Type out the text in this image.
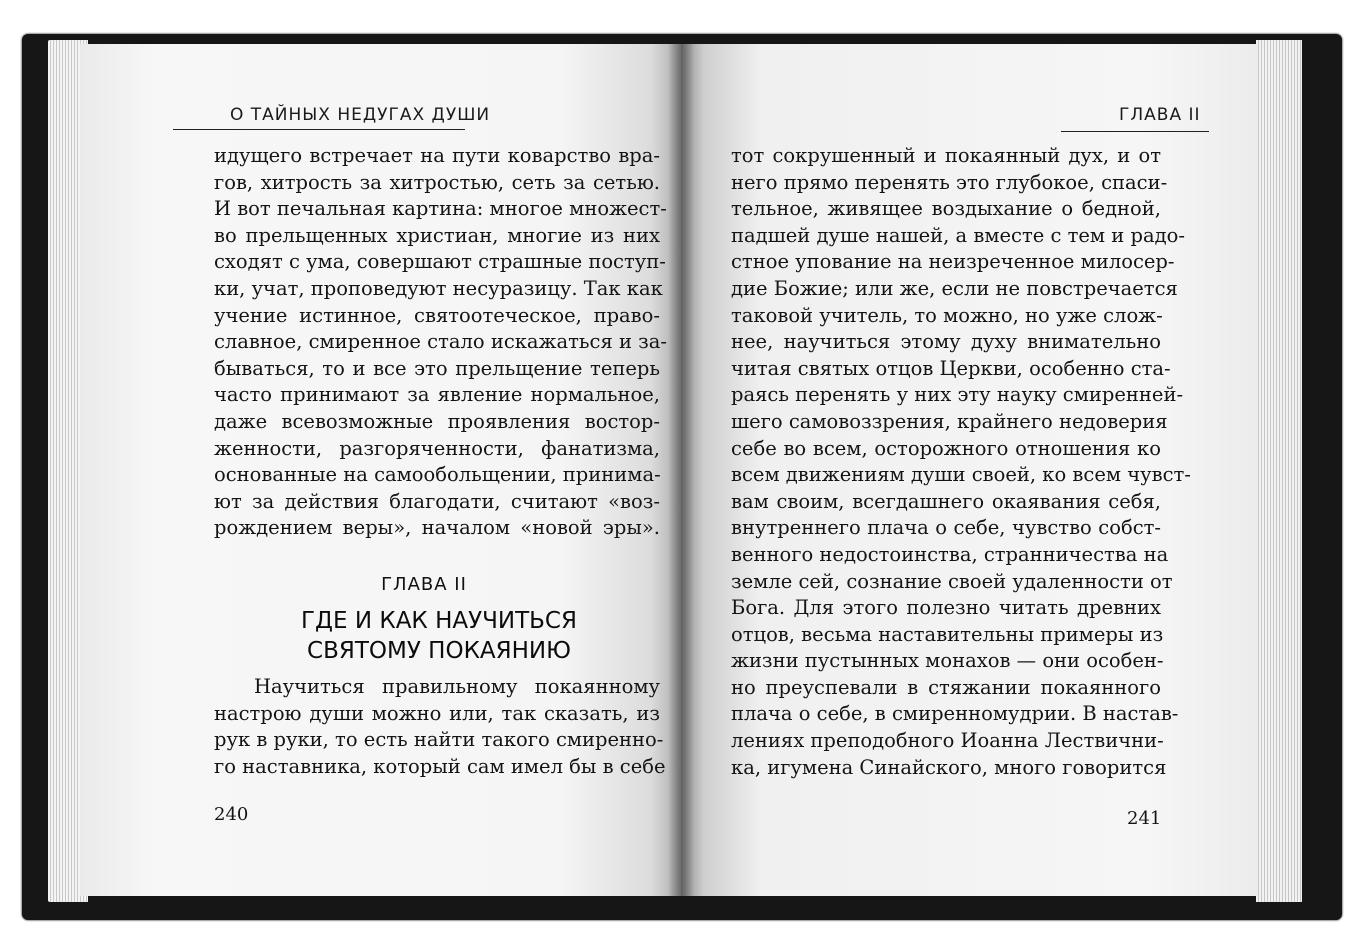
О ТАЙНЫХ НЕДУГАХ ДУШИ
идущего встречает на пути коварство вра-
гов, хитрость за хитростью, сеть за сетью.
И вот печальная картина: многое множест-
во прельщенных христиан, многие из них
сходят с ума, совершают страшные поступ-
ки, учат, проповедуют несуразицу. Так как
учение истинное, святоотеческое, право-
славное, смиренное стало искажаться и за-
бываться, то и все это прельщение теперь
часто принимают за явление нормальное,
даже всевозможные проявления востор-
женности, разгоряченности, фанатизма,
основанные на самообольщении, принима-
ют за действия благодати, считают «воз-
рождением веры», началом «новой эры».
ГЛАВА II
ГДЕ И КАК НАУЧИТЬСЯ
СВЯТОМУ ПОКАЯНИЮ
Научиться правильному покаянному
настрою души можно или, так сказать, из
рук в руки, то есть найти такого смиренно-
го наставника, который сам имел бы в себе
240
ГЛАВА II
тот сокрушенный и покаянный дух, и от
него прямо перенять это глубокое, спаси-
тельное, живящее воздыхание о бедной,
падшей душе нашей, а вместе с тем и радо-
стное упование на неизреченное милосер-
дие Божие; или же, если не повстречается
таковой учитель, то можно, но уже слож-
нее, научиться этому духу внимательно
читая святых отцов Церкви, особенно ста-
раясь перенять у них эту науку смиренней-
шего самовоззрения, крайнего недоверия
себе во всем, осторожного отношения ко
всем движениям души своей, ко всем чувст-
вам своим, всегдашнего окаявания себя,
внутреннего плача о себе, чувство собст-
венного недостоинства, странничества на
земле сей, сознание своей удаленности от
Бога. Для этого полезно читать древних
отцов, весьма наставительны примеры из
жизни пустынных монахов — они особен-
но преуспевали в стяжании покаянного
плача о себе, в смиренномудрии. В настав-
лениях преподобного Иоанна Лествични-
ка, игумена Синайского, много говорится
241
